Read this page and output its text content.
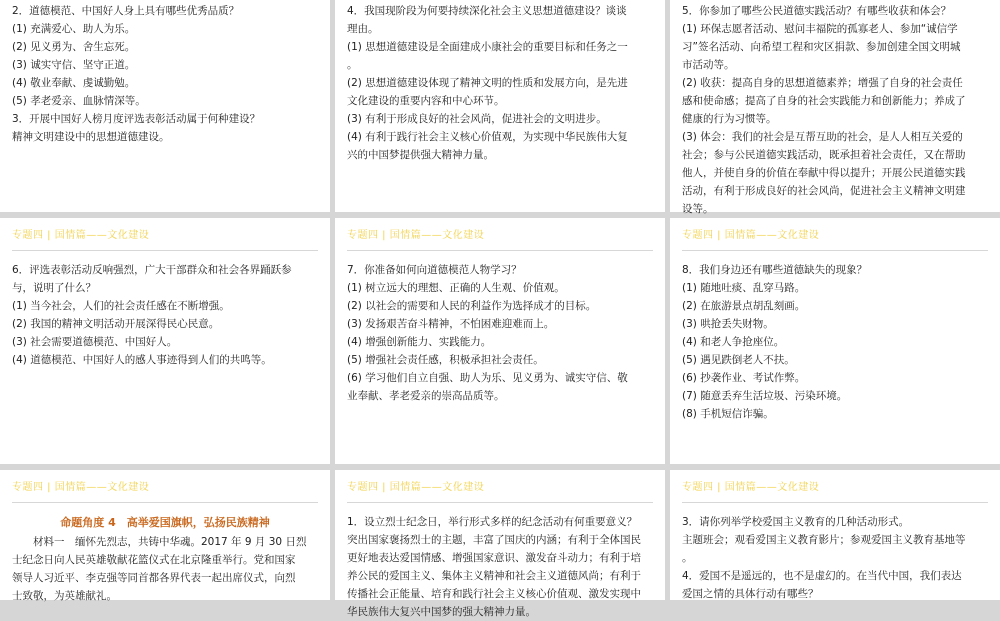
2．道德模范、中国好人身上具有哪些优秀品质？
(1) 充满爱心、助人为乐。
(2) 见义勇为、舍生忘死。
(3) 诚实守信、坚守正道。
(4) 敬业奉献、虔诚勤勉。
(5) 孝老爱亲、血脉情深等。
3．开展中国好人榜月度评选表彰活动属于何种建设？
精神文明建设中的思想道德建设。
4．我国现阶段为何要持续深化社会主义思想道德建设？谈谈
理由。
(1) 思想道德建设是全面建成小康社会的重要目标和任务之一
。
(2) 思想道德建设体现了精神文明的性质和发展方向，是先进
文化建设的重要内容和中心环节。
(3) 有利于形成良好的社会风尚，促进社会的文明进步。
(4) 有利于践行社会主义核心价值观，为实现中华民族伟大复
兴的中国梦提供强大精神力量。
5．你参加了哪些公民道德实践活动？有哪些收获和体会？
(1) 环保志愿者活动、慰问丰福院的孤寡老人、参加“诚信学
习”签名活动、向希望工程和灾区捐款、参加创建全国文明城
市活动等。
(2) 收获：提高自身的思想道德素养；增强了自身的社会责任
感和使命感；提高了自身的社会实践能力和创新能力；养成了
健康的行为习惯等。
(3) 体会：我们的社会是互帮互助的社会，是人人相互关爱的
社会；参与公民道德实践活动，既承担着社会责任，又在帮助
他人，并使自身的价值在奉献中得以提升；开展公民道德实践
活动，有利于形成良好的社会风尚，促进社会主义精神文明建
设等。
专题四 | 国情篇——文化建设
6．评选表彰活动反响强烈，广大干部群众和社会各界踊跃参
与，说明了什么？
(1) 当今社会，人们的社会责任感在不断增强。
(2) 我国的精神文明活动开展深得民心民意。
(3) 社会需要道德模范、中国好人。
(4) 道德模范、中国好人的感人事迹得到人们的共鸣等。
专题四 | 国情篇——文化建设
7．你准备如何向道德模范人物学习？
(1) 树立远大的理想、正确的人生观、价值观。
(2) 以社会的需要和人民的利益作为选择成才的目标。
(3) 发扬艰苦奋斗精神，不怕困难迎难而上。
(4) 增强创新能力、实践能力。
(5) 增强社会责任感，积极承担社会责任。
(6) 学习他们自立自强、助人为乐、见义勇为、诚实守信、敬
业奉献、孝老爱亲的崇高品质等。
专题四 | 国情篇——文化建设
8．我们身边还有哪些道德缺失的现象？
(1) 随地吐痰、乱穿马路。
(2) 在旅游景点胡乱刻画。
(3) 哄抢丢失财物。
(4) 和老人争抢座位。
(5) 遇见跌倒老人不扶。
(6) 抄袭作业、考试作弊。
(7) 随意丢弃生活垃圾、污染环境。
(8) 手机短信诈骗。
专题四 | 国情篇——文化建设
命题角度 4　高举爱国旗帜，弘扬民族精神
材料一　缅怀先烈志，共铸中华魂。2017 年 9 月 30 日烈
士纪念日向人民英雄敬献花篮仪式在北京隆重举行。党和国家
领导人习近平、李克强等同首都各界代表一起出席仪式，向烈
士致敬，为英雄献礼。
专题四 | 国情篇——文化建设
1．设立烈士纪念日，举行形式多样的纪念活动有何重要意义？
突出国家褒扬烈士的主题，丰富了国庆的内涵；有利于全体国民
更好地表达爱国情感、增强国家意识、激发奋斗动力；有利于培
养公民的爱国主义、集体主义精神和社会主义道德风尚；有利于
传播社会正能量、培育和践行社会主义核心价值观、激发实现中
华民族伟大复兴中国梦的强大精神力量。
专题四 | 国情篇——文化建设
3．请你列举学校爱国主义教育的几种活动形式。
主题班会；观看爱国主义教育影片；参观爱国主义教育基地等
。
4．爱国不是遥远的，也不是虚幻的。在当代中国，我们表达
爱国之情的具体行动有哪些？
